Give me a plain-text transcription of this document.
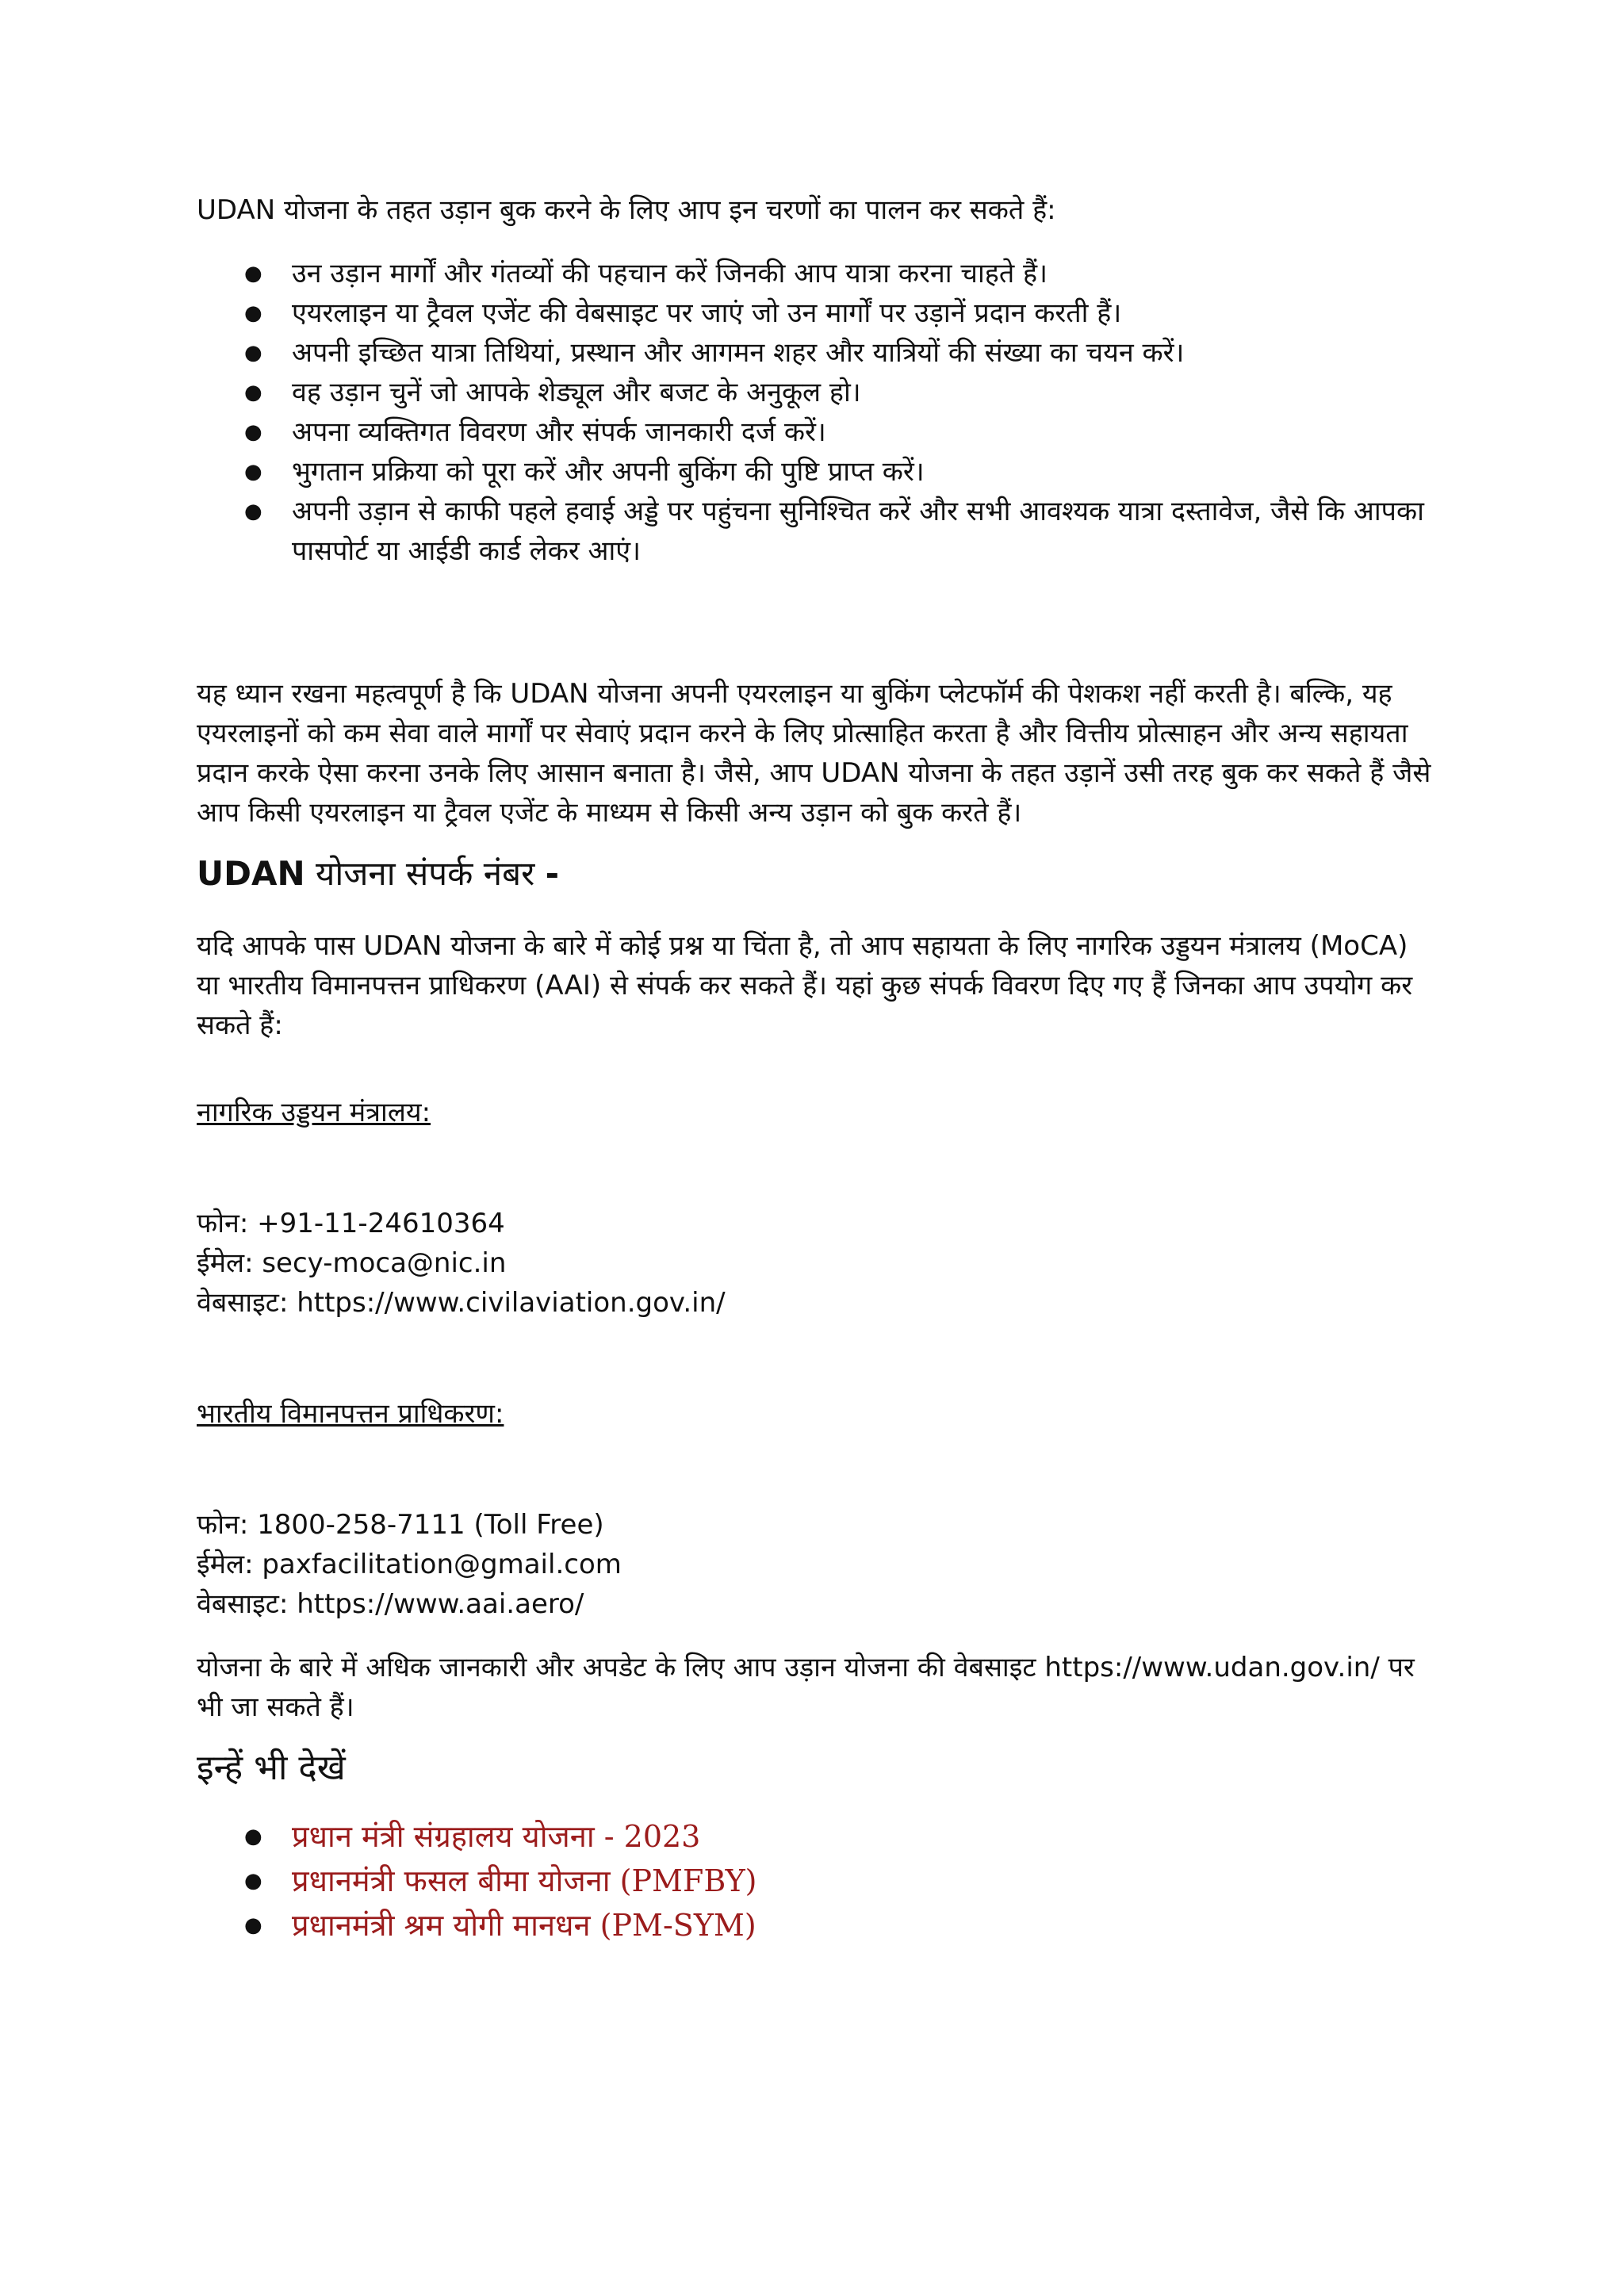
UDAN योजना के तहत उड़ान बुक करने के लिए आप इन चरणों का पालन कर सकते हैं:

● उन उड़ान मार्गों और गंतव्यों की पहचान करें जिनकी आप यात्रा करना चाहते हैं।
● एयरलाइन या ट्रैवल एजेंट की वेबसाइट पर जाएं जो उन मार्गों पर उड़ानें प्रदान करती हैं।
● अपनी इच्छित यात्रा तिथियां, प्रस्थान और आगमन शहर और यात्रियों की संख्या का चयन करें।
● वह उड़ान चुनें जो आपके शेड्यूल और बजट के अनुकूल हो।
● अपना व्यक्तिगत विवरण और संपर्क जानकारी दर्ज करें।
● भुगतान प्रक्रिया को पूरा करें और अपनी बुकिंग की पुष्टि प्राप्त करें।
● अपनी उड़ान से काफी पहले हवाई अड्डे पर पहुंचना सुनिश्चित करें और सभी आवश्यक यात्रा दस्तावेज, जैसे कि आपका पासपोर्ट या आईडी कार्ड लेकर आएं।

यह ध्यान रखना महत्वपूर्ण है कि UDAN योजना अपनी एयरलाइन या बुकिंग प्लेटफॉर्म की पेशकश नहीं करती है। बल्कि, यह एयरलाइनों को कम सेवा वाले मार्गों पर सेवाएं प्रदान करने के लिए प्रोत्साहित करता है और वित्तीय प्रोत्साहन और अन्य सहायता प्रदान करके ऐसा करना उनके लिए आसान बनाता है। जैसे, आप UDAN योजना के तहत उड़ानें उसी तरह बुक कर सकते हैं जैसे आप किसी एयरलाइन या ट्रैवल एजेंट के माध्यम से किसी अन्य उड़ान को बुक करते हैं।

UDAN योजना संपर्क नंबर -

यदि आपके पास UDAN योजना के बारे में कोई प्रश्न या चिंता है, तो आप सहायता के लिए नागरिक उड्डयन मंत्रालय (MoCA) या भारतीय विमानपत्तन प्राधिकरण (AAI) से संपर्क कर सकते हैं। यहां कुछ संपर्क विवरण दिए गए हैं जिनका आप उपयोग कर सकते हैं:

नागरिक उड्डयन मंत्रालय:

फोन: +91-11-24610364

ईमेल: secy-moca@nic.in

वेबसाइट: https://www.civilaviation.gov.in/

भारतीय विमानपत्तन प्राधिकरण:

फोन: 1800-258-7111 (Toll Free)

ईमेल: paxfacilitation@gmail.com

वेबसाइट: https://www.aai.aero/

योजना के बारे में अधिक जानकारी और अपडेट के लिए आप उड़ान योजना की वेबसाइट https://www.udan.gov.in/ पर भी जा सकते हैं।

इन्हें भी देखें
● प्रधान मंत्री संग्रहालय योजना - 2023
● प्रधानमंत्री फसल बीमा योजना (PMFBY)
● प्रधानमंत्री श्रम योगी मानधन (PM-SYM)
